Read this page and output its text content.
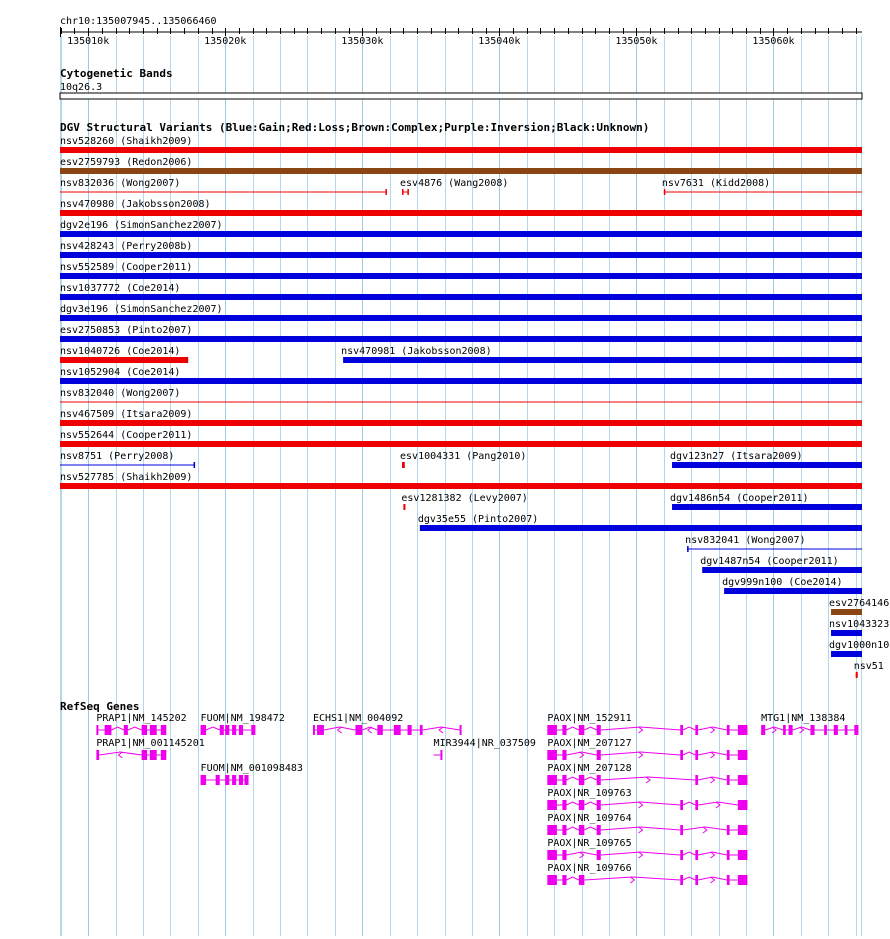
chr10:135007945..135066460
135010k	135020k	135030k	135040k	135050k	135060k
Cytogenetic Bands
10q26.3
DGV Structural Variants (Blue:Gain;Red:Loss;Brown:Complex;Purple:Inversion;Black:Unknown)
nsv528260 (Shaikh2009)
esv2759793 (Redon2006)
nsv832036 (Wong2007)	esv4876 (Wang2008)	nsv7631 (Kidd2008)
nsv470980 (Jakobsson2008)
dgv2e196 (SimonSanchez2007)
nsv428243 (Perry2008b)
nsv552589 (Cooper2011)
nsv1037772 (Coe2014)
dgv3e196 (SimonSanchez2007)
esv2750853 (Pinto2007)
nsv1040726 (Coe2014)	nsv470981 (Jakobsson2008)
nsv1052904 (Coe2014)
nsv832040 (Wong2007)
nsv467509 (Itsara2009)
nsv552644 (Cooper2011)
nsv8751 (Perry2008)	esv1004331 (Pang2010)	dgv123n27 (Itsara2009)
nsv527785 (Shaikh2009)
esv1281382 (Levy2007)	dgv1486n54 (Cooper2011)
dgv35e55 (Pinto2007)
nsv832041 (Wong2007)
dgv1487n54 (Cooper2011)
dgv999n100 (Coe2014)
esv2764146
nsv1043323
dgv1000n10
nsv51
RefSeq Genes
PRAP1|NM_145202 FUOM|NM_198472	ECHS1|NM_004092	PAOX|NM_152911	MTG1|NM_138384
PRAP1|NM_001145201	MIR3944|NR_037509 PAOX|NM_207127
FUOM|NM_001098483	PAOX|NM_207128
PAOX|NR_109763
PAOX|NR_109764
PAOX|NR_109765
PAOX|NR_109766
